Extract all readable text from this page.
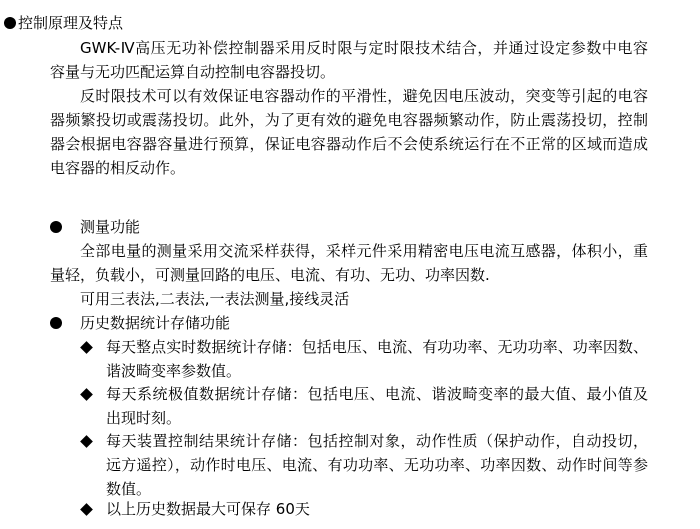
控制原理及特点
GWK-Ⅳ高压无功补偿控制器采用反时限与定时限技术结合，并通过设定参数中电容
容量与无功匹配运算自动控制电容器投切。
反时限技术可以有效保证电容器动作的平滑性，避免因电压波动，突变等引起的电容
器频繁投切或震荡投切。此外，为了更有效的避免电容器频繁动作，防止震荡投切，控制
器会根据电容器容量进行预算，保证电容器动作后不会使系统运行在不正常的区域而造成
电容器的相反动作。
测量功能
全部电量的测量采用交流采样获得，采样元件采用精密电压电流互感器，体积小，重
量轻，负载小，可测量回路的电压、电流、有功、无功、功率因数.
可用三表法,二表法,一表法测量,接线灵活
历史数据统计存储功能
每天整点实时数据统计存储：包括电压、电流、有功功率、无功功率、功率因数、
谐波畸变率参数值。
每天系统极值数据统计存储：包括电压、电流、谐波畸变率的最大值、最小值及
出现时刻。
每天装置控制结果统计存储：包括控制对象，动作性质（保护动作，自动投切，
远方遥控），动作时电压、电流、有功功率、无功功率、功率因数、动作时间等参
数值。
以上历史数据最大可保存 60天
